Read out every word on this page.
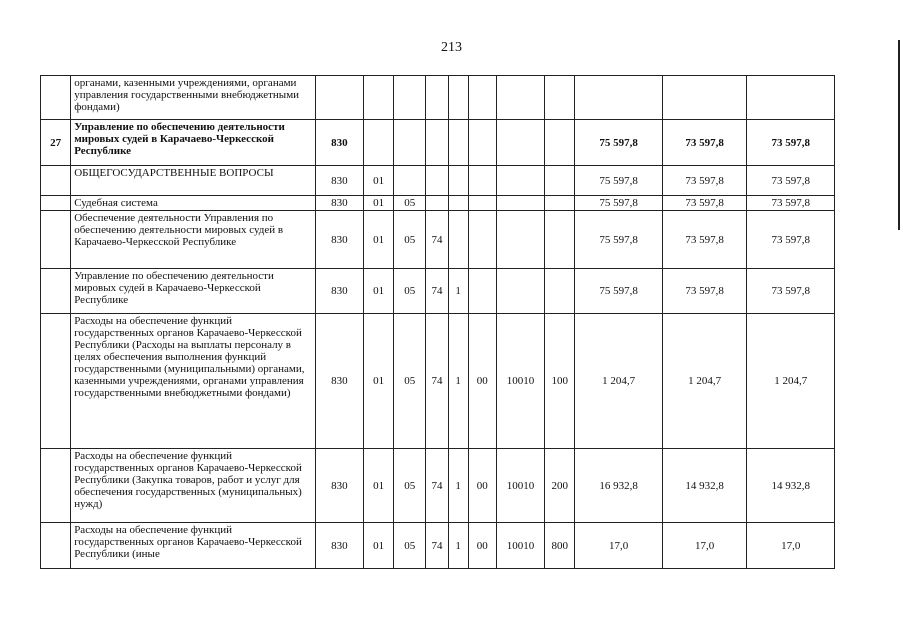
213
	органами, казенными учреждениями, органами управления государственными внебюджетными фондами)											
27	Управление по обеспечению деятельности мировых судей в Карачаево-Черкесской Республике	830								75 597,8	73 597,8	73 597,8
	ОБЩЕГОСУДАРСТВЕННЫЕ ВОПРОСЫ	830	01							75 597,8	73 597,8	73 597,8
	Судебная система	830	01	05						75 597,8	73 597,8	73 597,8
	Обеспечение деятельности Управления по обеспечению деятельности мировых судей в Карачаево-Черкесской Республике	830	01	05	74					75 597,8	73 597,8	73 597,8
	Управление по обеспечению деятельности мировых судей в Карачаево-Черкесской Республике	830	01	05	74	1				75 597,8	73 597,8	73 597,8
	Расходы на обеспечение функций государственных органов Карачаево-Черкесской Республики (Расходы на выплаты персоналу в целях обеспечения выполнения функций государственными (муниципальными) органами, казенными учреждениями, органами управления государственными внебюджетными фондами)	830	01	05	74	1	00	10010	100	1 204,7	1 204,7	1 204,7
	Расходы на обеспечение функций государственных органов Карачаево-Черкесской Республики (Закупка товаров, работ и услуг для обеспечения государственных (муниципальных) нужд)	830	01	05	74	1	00	10010	200	16 932,8	14 932,8	14 932,8
	Расходы на обеспечение функций государственных органов Карачаево-Черкесской Республики (иные	830	01	05	74	1	00	10010	800	17,0	17,0	17,0
